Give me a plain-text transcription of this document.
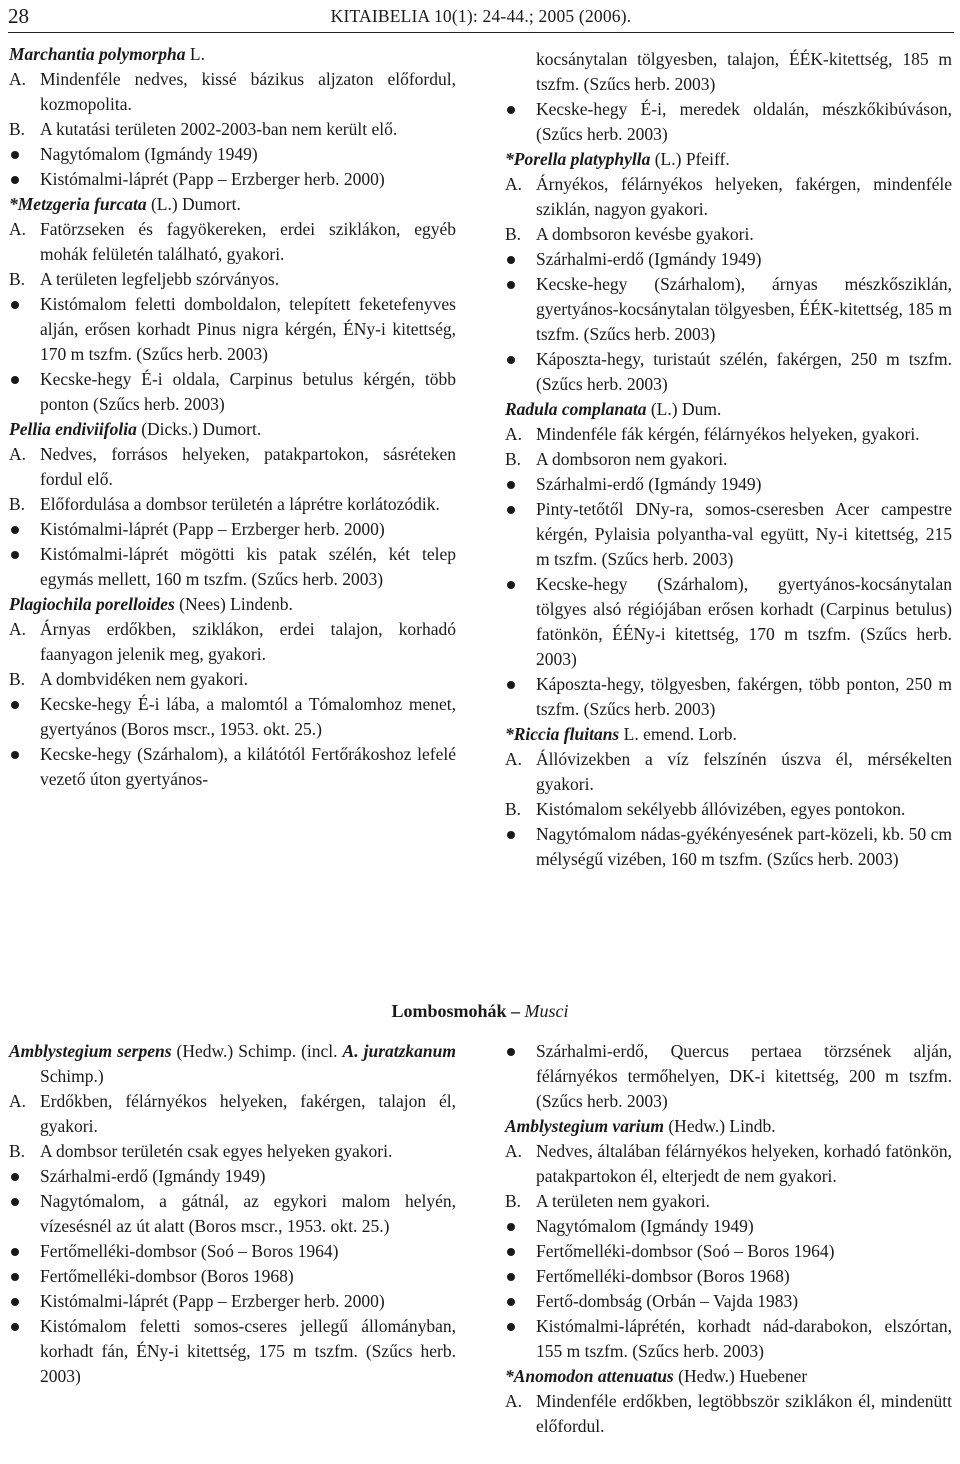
28	KITAIBELIA 10(1): 24-44.; 2005 (2006).
Marchantia polymorpha L.
A. Mindenféle nedves, kissé bázikus aljzaton előfordul, kozmopolita.
B. A kutatási területen 2002-2003-ban nem került elő.
Nagytómalom (Igmándy 1949)
Kistómalmi-láprét (Papp – Erzberger herb. 2000)
*Metzgeria furcata (L.) Dumort.
A. Fatörzseken és fagyökereken, erdei sziklákon, egyéb mohák felületén található, gyakori.
B. A területen legfeljebb szórványos.
Kistómalom feletti domboldalon, telepített feketefenyves alján, erősen korhadt Pinus nigra kérgén, ÉNy-i kitettség, 170 m tszfm. (Szűcs herb. 2003)
Kecske-hegy É-i oldala, Carpinus betulus kérgén, több ponton (Szűcs herb. 2003)
Pellia endiviifolia (Dicks.) Dumort.
A. Nedves, forrásos helyeken, patakpartokon, sásréteken fordul elő.
B. Előfordulása a dombsor területén a láprétre korlátozódik.
Kistómalmi-láprét (Papp – Erzberger herb. 2000)
Kistómalmi-láprét mögötti kis patak szélén, két telep egymás mellett, 160 m tszfm. (Szűcs herb. 2003)
Plagiochila porelloides (Nees) Lindenb.
A. Árnyas erdőkben, sziklákon, erdei talajon, korhadó faanyagon jelenik meg, gyakori.
B. A dombvidéken nem gyakori.
Kecske-hegy É-i lába, a malomtól a Tómalomhoz menet, gyertyános (Boros mscr., 1953. okt. 25.)
Kecske-hegy (Szárhalom), a kilátótól Fertőrákoshoz lefelé vezető úton gyertyános-
kocsánytalan tölgyesben, talajon, ÉÉK-kitettség, 185 m tszfm. (Szűcs herb. 2003)
Kecske-hegy É-i, meredek oldalán, mészkőkibúváson, (Szűcs herb. 2003)
*Porella platyphylla (L.) Pfeiff.
A. Árnyékos, félárnyékos helyeken, fakérgen, mindenféle sziklán, nagyon gyakori.
B. A dombsoron kevésbe gyakori.
Szárhalmi-erdő (Igmándy 1949)
Kecske-hegy (Szárhalom), árnyas mészkősziklán, gyertyános-kocsánytalan tölgyesben, ÉÉK-kitettség, 185 m tszfm. (Szűcs herb. 2003)
Káposzta-hegy, turistaút szélén, fakérgen, 250 m tszfm. (Szűcs herb. 2003)
Radula complanata (L.) Dum.
A. Mindenféle fák kérgén, félárnyékos helyeken, gyakori.
B. A dombsoron nem gyakori.
Szárhalmi-erdő (Igmándy 1949)
Pinty-tetőtől DNy-ra, somos-cseresben Acer campestre kérgén, Pylaisia polyantha-val együtt, Ny-i kitettség, 215 m tszfm. (Szűcs herb. 2003)
Kecske-hegy (Szárhalom), gyertyános-kocsánytalan tölgyes alsó régiójában erősen korhadt (Carpinus betulus) fatönkön, ÉÉNy-i kitettség, 170 m tszfm. (Szűcs herb. 2003)
Káposzta-hegy, tölgyesben, fakérgen, több ponton, 250 m tszfm. (Szűcs herb. 2003)
*Riccia fluitans L. emend. Lorb.
A. Állóvizekben a víz felszínén úszva él, mérsékelten gyakori.
B. Kistómalom sekélyebb állóvizében, egyes pontokon.
Nagytómalom nádas-gyékényesének part-közeli, kb. 50 cm mélységű vizében, 160 m tszfm. (Szűcs herb. 2003)
Lombosmohák – Musci
Amblystegium serpens (Hedw.) Schimp. (incl. A. juratzkanum Schimp.)
A. Erdőkben, félárnyékos helyeken, fakérgen, talajon él, gyakori.
B. A dombsor területén csak egyes helyeken gyakori.
Szárhalmi-erdő (Igmándy 1949)
Nagytómalom, a gátnál, az egykori malom helyén, vízesésnél az út alatt (Boros mscr., 1953. okt. 25.)
Fertőmelléki-dombsor (Soó – Boros 1964)
Fertőmelléki-dombsor (Boros 1968)
Kistómalmi-láprét (Papp – Erzberger herb. 2000)
Kistómalom feletti somos-cseres jellegű állományban, korhadt fán, ÉNy-i kitettség, 175 m tszfm. (Szűcs herb. 2003)
Szárhalmi-erdő, Quercus pertaea törzsének alján, félárnyékos termőhelyen, DK-i kitettség, 200 m tszfm. (Szűcs herb. 2003)
Amblystegium varium (Hedw.) Lindb.
A. Nedves, általában félárnyékos helyeken, korhadó fatönkön, patakpartokon él, elterjedt de nem gyakori.
B. A területen nem gyakori.
Nagytómalom (Igmándy 1949)
Fertőmelléki-dombsor (Soó – Boros 1964)
Fertőmelléki-dombsor (Boros 1968)
Fertő-dombság (Orbán – Vajda 1983)
Kistómalmi-láprétén, korhadt nád-darabokon, elszórtan, 155 m tszfm. (Szűcs herb. 2003)
*Anomodon attenuatus (Hedw.) Huebener
A. Mindenféle erdőkben, legtöbbször sziklákon él, mindenütt előfordul.
